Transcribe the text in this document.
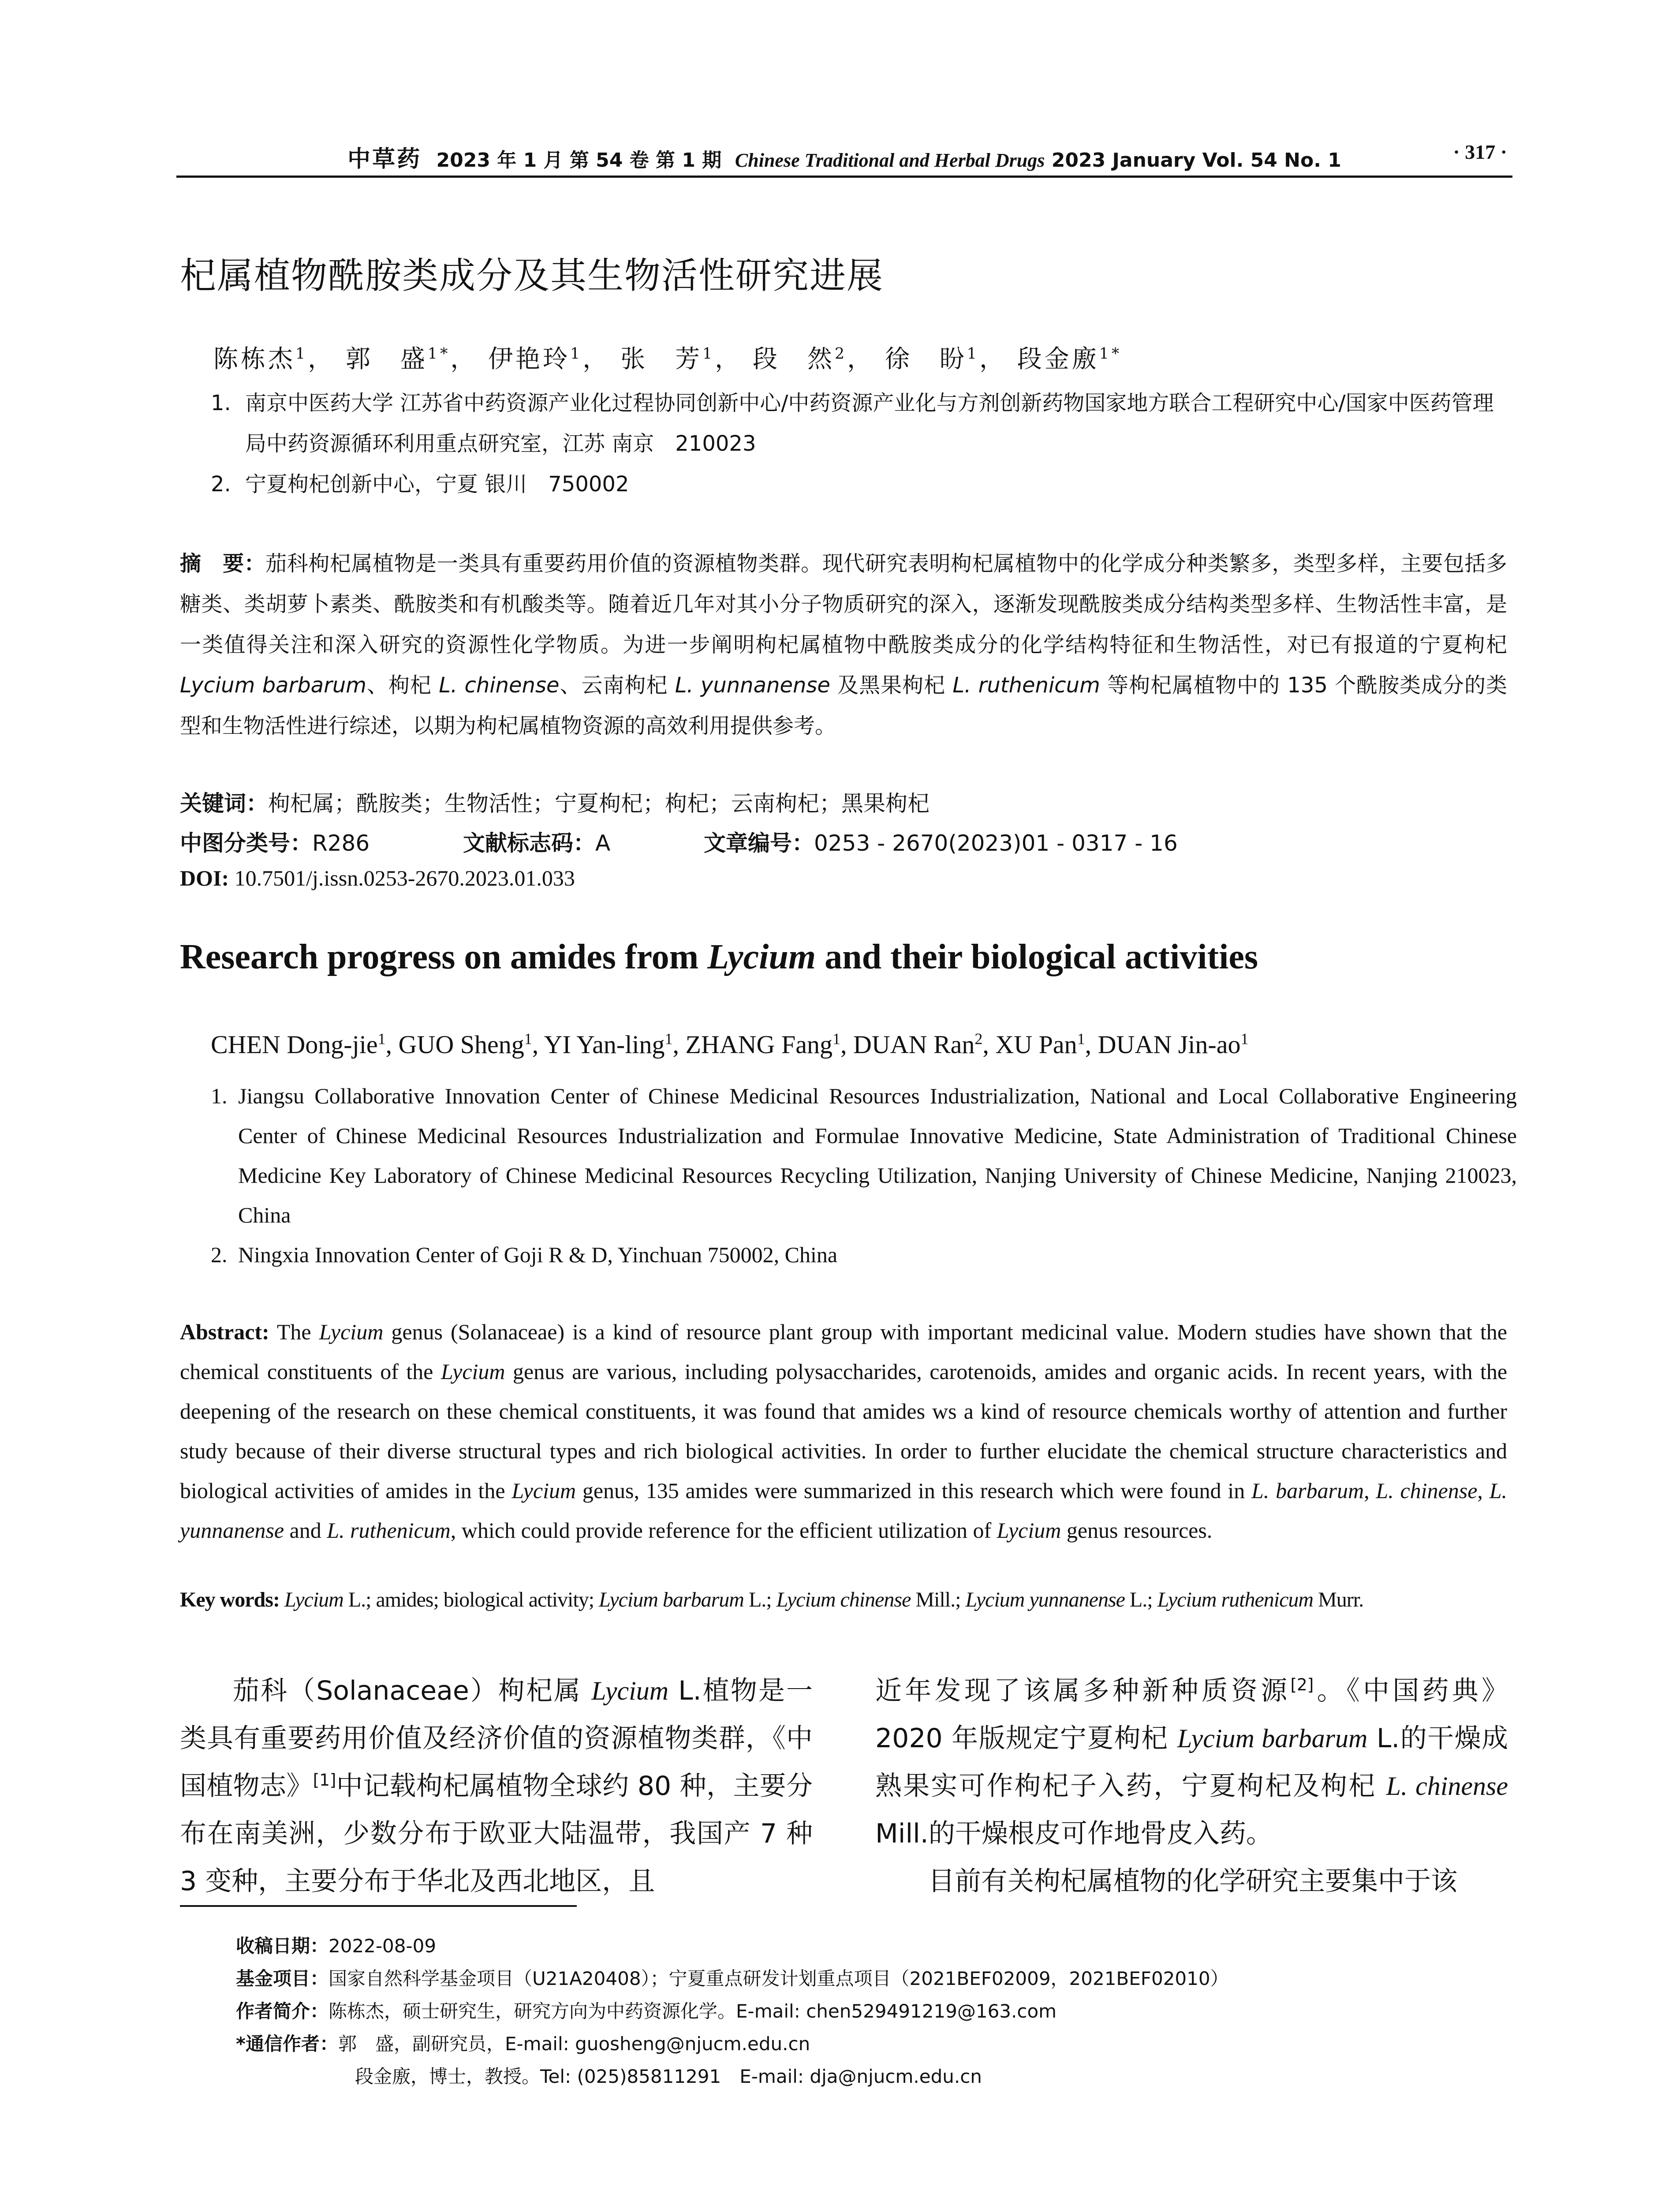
中草药 2023 年 1 月 第 54 卷 第 1 期 Chinese Traditional and Herbal Drugs 2023 January Vol. 54 No. 1	· 317 ·
杞属植物酰胺类成分及其生物活性研究进展
陈栋杰$^1$， 郭　盛$^{1*}$， 伊艳玲$^1$， 张　芳$^1$， 段　然$^2$， 徐　盼$^1$， 段金廒$^{1*}$
1. 南京中医药大学 江苏省中药资源产业化过程协同创新中心/中药资源产业化与方剂创新药物国家地方联合工程研究中心/国家中医药管理局中药资源循环利用重点研究室，江苏 南京　210023
2. 宁夏枸杞创新中心，宁夏 银川　750002
摘　要：茄科枸杞属植物是一类具有重要药用价值的资源植物类群。现代研究表明枸杞属植物中的化学成分种类繁多，类型多样，主要包括多糖类、类胡萝卜素类、酰胺类和有机酸类等。随着近几年对其小分子物质研究的深入，逐渐发现酰胺类成分结构类型多样、生物活性丰富，是一类值得关注和深入研究的资源性化学物质。为进一步阐明枸杞属植物中酰胺类成分的化学结构特征和生物活性，对已有报道的宁夏枸杞 Lycium barbarum、枸杞 L. chinense、云南枸杞 L. yunnanense 及黑果枸杞 L. ruthenicum 等枸杞属植物中的 135 个酰胺类成分的类型和生物活性进行综述，以期为枸杞属植物资源的高效利用提供参考。
关键词：枸杞属；酰胺类；生物活性；宁夏枸杞；枸杞；云南枸杞；黑果枸杞
中图分类号：R286	文献标志码：A	文章编号：0253 - 2670(2023)01 - 0317 - 16
DOI: 10.7501/j.issn.0253-2670.2023.01.033
Research progress on amides from Lycium and their biological activities
CHEN Dong-jie$^1$, GUO Sheng$^1$, YI Yan-ling$^1$, ZHANG Fang$^1$, DUAN Ran$^2$, XU Pan$^1$, DUAN Jin-$ao^1$
1. Jiangsu Collaborative Innovation Center of Chinese Medicinal Resources Industrialization, National and Local Collaborative Engineering Center of Chinese Medicinal Resources Industrialization and Formulae Innovative Medicine, State Administration of Traditional Chinese Medicine Key Laboratory of Chinese Medicinal Resources Recycling Utilization, Nanjing University of Chinese Medicine, Nanjing 210023, China
2. Ningxia Innovation Center of Goji R & D, Yinchuan 750002, China
Abstract: The Lycium genus (Solanaceae) is a kind of resource plant group with important medicinal value. Modern studies have shown that the chemical constituents of the Lycium genus are various, including polysaccharides, carotenoids, amides and organic acids. In recent years, with the deepening of the research on these chemical constituents, it was found that amides ws a kind of resource chemicals worthy of attention and further study because of their diverse structural types and rich biological activities. In order to further elucidate the chemical structure characteristics and biological activities of amides in the Lycium genus, 135 amides were summarized in this research which were found in L. barbarum, L. chinense, L. yunnanense and L. ruthenicum, which could provide reference for the efficient utilization of Lycium genus resources.
Key words: Lycium L.; amides; biological activity; Lycium barbarum L.; Lycium chinense Mill.; Lycium yunnanense L.; Lycium ruthenicum Murr.
茄科（Solanaceae）枸杞属 Lycium L.植物是一类具有重要药用价值及经济价值的资源植物类群，《中国植物志》[1]中记载枸杞属植物全球约 80 种，主要分布在南美洲，少数分布于欧亚大陆温带，我国产 7 种 3 变种，主要分布于华北及西北地区，且
近年发现了该属多种新种质资源[2]。《中国药典》2020 年版规定宁夏枸杞 Lycium barbarum L.的干燥成熟果实可作枸杞子入药，宁夏枸杞及枸杞 L. chinense Mill.的干燥根皮可作地骨皮入药。
目前有关枸杞属植物的化学研究主要集中于该
收稿日期：2022-08-09
基金项目：国家自然科学基金项目（U21A20408）；宁夏重点研发计划重点项目（2021BEF02009，2021BEF02010）
作者简介：陈栋杰，硕士研究生，研究方向为中药资源化学。E-mail: chen529491219@163.com
*通信作者：郭　盛，副研究员，E-mail: guosheng@njucm.edu.cn
段金廒，博士，教授。Tel: (025)85811291　E-mail: dja@njucm.edu.cn
